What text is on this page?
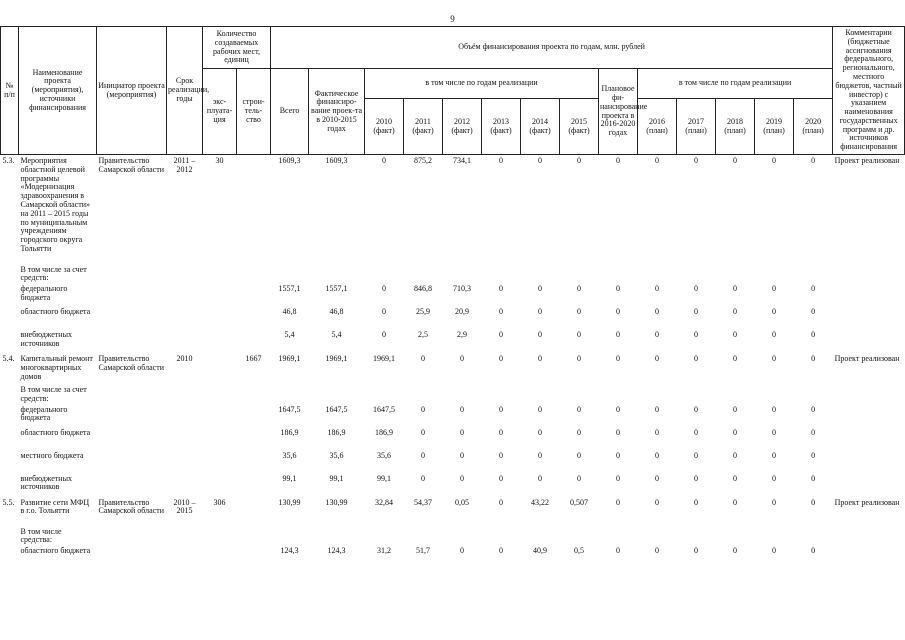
9
№ п/п	Наименование проекта (мероприятия), источники финансирования	Инициатор проекта (мероприятия)	Срок реализации, годы	Количество создаваемых рабочих мест, единиц		Объём финансирования проекта по годам, млн. рублей														Комментарии (бюджетные ассигнования федерального, регионального, местного бюджетов, частный инвестор) с указанием наименования государственных программ и др. источников финансирования
				экс-плуата-ция	строи-тель-ство	Всего	Фактическое финансиро-вание проек-та в 2010-2015 годах	в том числе по годам реализации						Плановое фи-нансирование проекта в 2016-2020 годах	в том числе по годам реализации					
								2010 (факт)	2011 (факт)	2012 (факт)	2013 (факт)	2014 (факт)	2015 (факт)		2016 (план)	2017 (план)	2018 (план)	2019 (план)	2020 (план)	
5.3.	Мероприятия областной целевой программы «Модернизация здравоохранения в Самарской области» на 2011 – 2015 годы по муниципальным учреждениям городского округа Тольятти	Правительство Самарской области	2011 – 2012	30		1609,3	1609,3	0	875,2	734,1	0	0	0	0	0	0	0	0	0	Проект реализован
	В том числе за счет средств:																			
	федерального бюджета					1557,1	1557,1	0	846,8	710,3	0	0	0	0	0	0	0	0	0	
	областного бюджета					46,8	46,8	0	25,9	20,9	0	0	0	0	0	0	0	0	0	
	внебюджетных источников					5,4	5,4	0	2,5	2,9	0	0	0	0	0	0	0	0	0	
5.4.	Капитальный ремонт многоквартирных домов	Правительство Самарской области	2010		1667	1969,1	1969,1	1969,1	0	0	0	0	0	0	0	0	0	0	0	Проект реализован
	В том числе за счет средств:																			
	федерального бюджета					1647,5	1647,5	1647,5	0	0	0	0	0	0	0	0	0	0	0	
	областного бюджета					186,9	186,9	186,9	0	0	0	0	0	0	0	0	0	0	0	
	местного бюджета					35,6	35,6	35,6	0	0	0	0	0	0	0	0	0	0	0	
	внебюджетных источников					99,1	99,1	99,1	0	0	0	0	0	0	0	0	0	0	0	
5.5.	Развитие сети МФЦ в г.о. Тольятти	Правительство Самарской области	2010 – 2015	306		130,99	130,99	32,84	54,37	0,05	0	43,22	0,507	0	0	0	0	0	0	Проект реализован
	В том числе средства:																			
	областного бюджета					124,3	124,3	31,2	51,7	0	0	40,9	0,5	0	0	0	0	0	0	
